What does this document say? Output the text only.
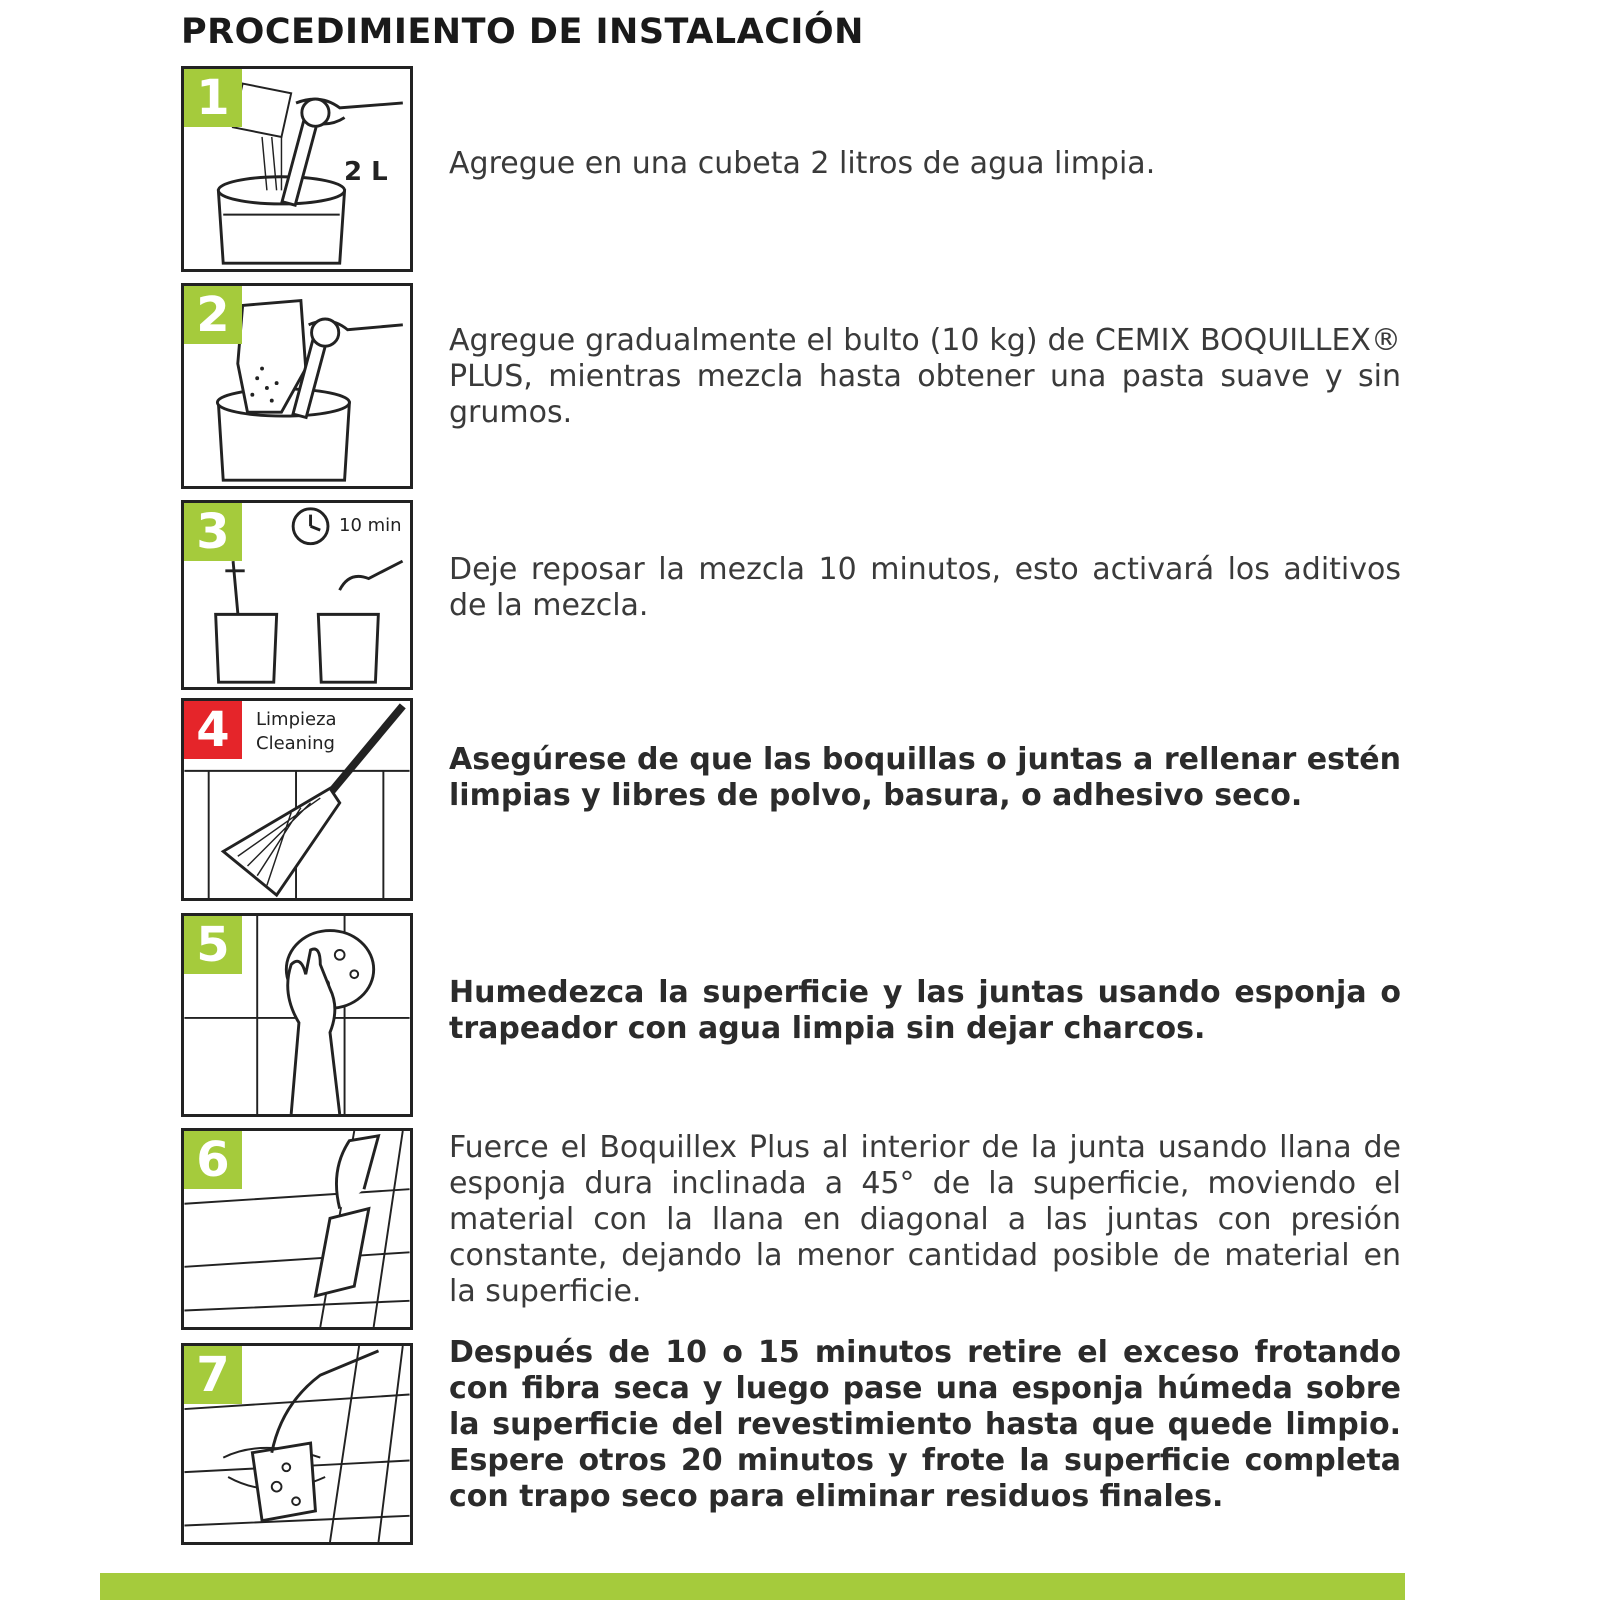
PROCEDIMIENTO DE INSTALACIÓN
1
2 L Agregue en una cubeta 2 litros de agua limpia.

2	Agregue gradualmente el bulto (10 kg) de CEMIX BOQUILLEX® PLUS, mientras mezcla hasta obtener una pasta suave y sin grumos.

3	10 min

Deje reposar la mezcla 10 minutos, esto activará los aditivos de la mezcla.

4	Limpieza
Cleaning	Asegúrese de que las boquillas o juntas a rellenar estén limpias y libres de polvo, basura, o adhesivo seco.

5

Humedezca la superficie y las juntas usando esponja o trapeador con agua limpia sin dejar charcos.

6	Fuerce el Boquillex Plus al interior de la junta usando llana de esponja dura inclinada a 45° de la superficie, moviendo el material con la llana en diagonal a las juntas con presión constante, dejando la menor cantidad posible de material en la superficie.

7	Después de 10 o 15 minutos retire el exceso frotando con fibra seca y luego pase una esponja húmeda sobre la superficie del revestimiento hasta que quede limpio. Espere otros 20 minutos y frote la superficie completa con trapo seco para eliminar residuos finales.
